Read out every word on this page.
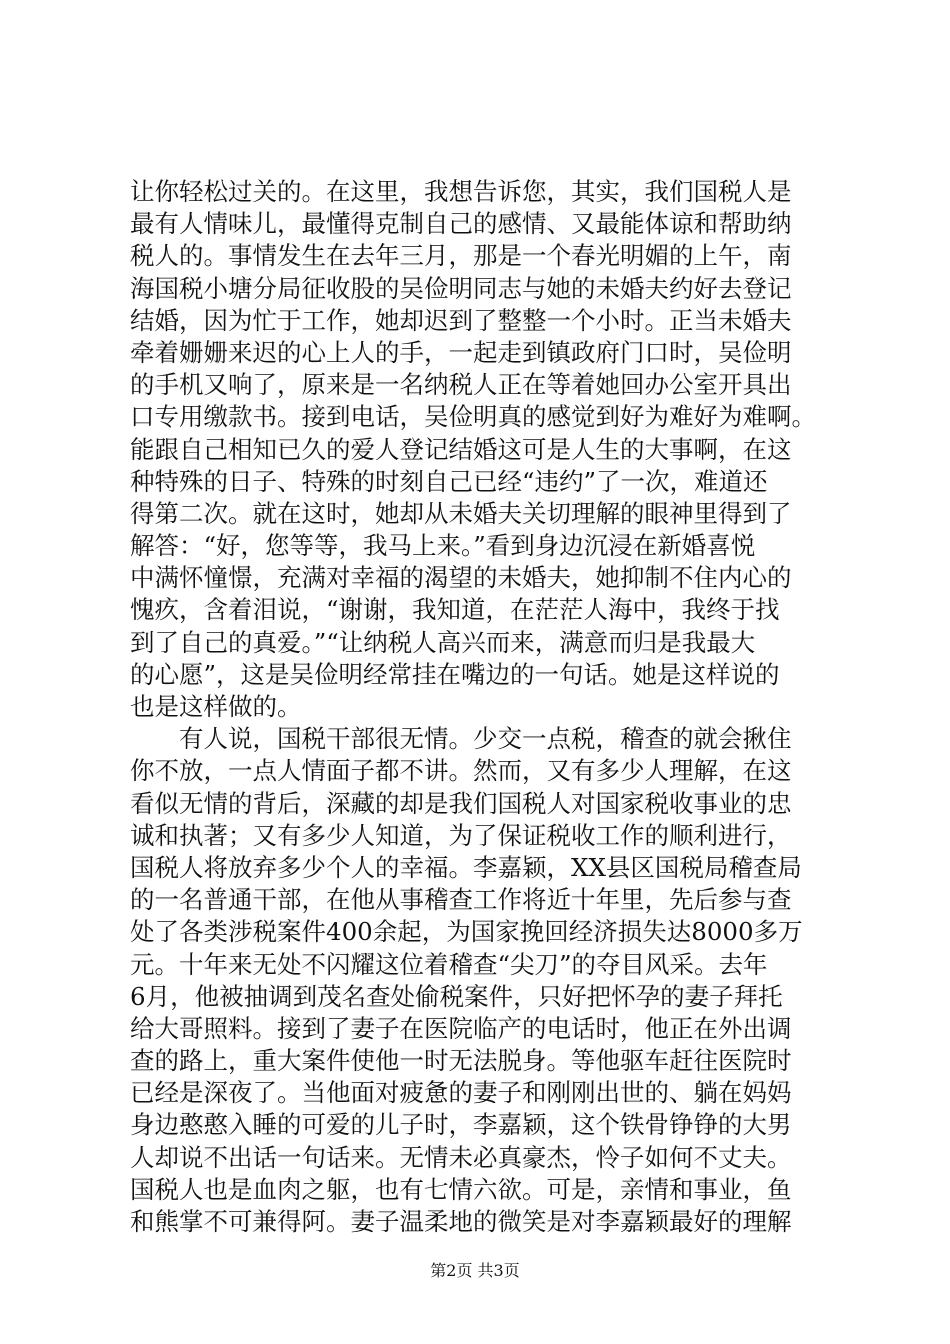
让你轻松过关的。在这里，我想告诉您，其实，我们国税人是
最有人情味儿，最懂得克制自己的感情、又最能体谅和帮助纳
税人的。事情发生在去年三月，那是一个春光明媚的上午，南
海国税小塘分局征收股的吴俭明同志与她的未婚夫约好去登记
结婚，因为忙于工作，她却迟到了整整一个小时。正当未婚夫
牵着姗姗来迟的心上人的手，一起走到镇政府门口时，吴俭明
的手机又响了，原来是一名纳税人正在等着她回办公室开具出
口专用缴款书。接到电话，吴俭明真的感觉到好为难好为难啊。
能跟自己相知已久的爱人登记结婚这可是人生的大事啊，在这
种特殊的日子、特殊的时刻自己已经“违约”了一次，难道还
得第二次。就在这时，她却从未婚夫关切理解的眼神里得到了
解答：“好，您等等，我马上来。”看到身边沉浸在新婚喜悦
中满怀憧憬，充满对幸福的渴望的未婚夫，她抑制不住内心的
愧疚，含着泪说，“谢谢，我知道，在茫茫人海中，我终于找
到了自己的真爱。”“让纳税人高兴而来，满意而归是我最大
的心愿”，这是吴俭明经常挂在嘴边的一句话。她是这样说的
也是这样做的。
有人说，国税干部很无情。少交一点税，稽查的就会揪住
你不放，一点人情面子都不讲。然而，又有多少人理解，在这
看似无情的背后，深藏的却是我们国税人对国家税收事业的忠
诚和执著；又有多少人知道，为了保证税收工作的顺利进行，
国税人将放弃多少个人的幸福。李嘉颖，XX县区国税局稽查局
的一名普通干部，在他从事稽查工作将近十年里，先后参与查
处了各类涉税案件400余起，为国家挽回经济损失达8000多万
元。十年来无处不闪耀这位着稽查“尖刀”的夺目风采。去年
6月，他被抽调到茂名查处偷税案件，只好把怀孕的妻子拜托
给大哥照料。接到了妻子在医院临产的电话时，他正在外出调
查的路上，重大案件使他一时无法脱身。等他驱车赶往医院时
已经是深夜了。当他面对疲惫的妻子和刚刚出世的、躺在妈妈
身边憨憨入睡的可爱的儿子时，李嘉颖，这个铁骨铮铮的大男
人却说不出话一句话来。无情未必真豪杰，怜子如何不丈夫。
国税人也是血肉之躯，也有七情六欲。可是，亲情和事业，鱼
和熊掌不可兼得阿。妻子温柔地的微笑是对李嘉颖最好的理解
第2页 共3页
